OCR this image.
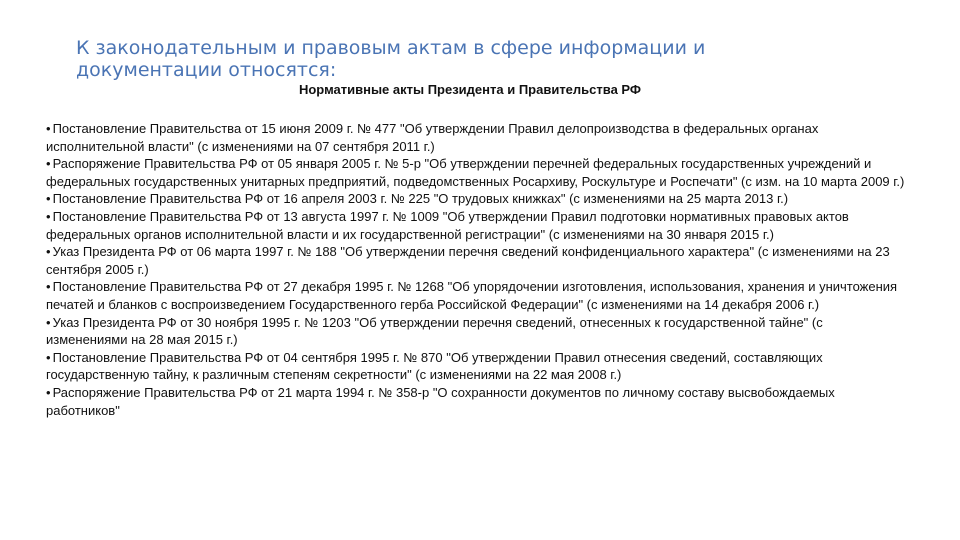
К законодательным и правовым актам в сфере информации и документации относятся:
Нормативные акты Президента и Правительства РФ
• Постановление Правительства от 15 июня 2009 г. № 477 "Об утверждении Правил делопроизводства в федеральных органах исполнительной власти" (с изменениями на 07 сентября 2011 г.)
• Распоряжение Правительства РФ от 05 января 2005 г. № 5-р "Об утверждении перечней федеральных государственных учреждений и федеральных государственных унитарных предприятий, подведомственных Росархиву, Роскультуре и Роспечати" (с изм. на 10 марта 2009 г.)
• Постановление Правительства РФ от 16 апреля 2003 г. № 225 "О трудовых книжках" (с изменениями на 25 марта 2013 г.)
• Постановление Правительства РФ от 13 августа 1997 г. № 1009 "Об утверждении Правил подготовки нормативных правовых актов федеральных органов исполнительной власти и их государственной регистрации" (с изменениями на 30 января 2015 г.)
• Указ Президента РФ от 06 марта 1997 г. № 188 "Об утверждении перечня сведений конфиденциального характера" (с изменениями на 23 сентября 2005 г.)
• Постановление Правительства РФ от 27 декабря 1995 г. № 1268 "Об упорядочении изготовления, использования, хранения и уничтожения печатей и бланков с воспроизведением Государственного герба Российской Федерации" (с изменениями на 14 декабря 2006 г.)
• Указ Президента РФ от 30 ноября 1995 г. № 1203 "Об утверждении перечня сведений, отнесенных к государственной тайне" (с изменениями на 28 мая 2015 г.)
• Постановление Правительства РФ от 04 сентября 1995 г. № 870 "Об утверждении Правил отнесения сведений, составляющих государственную тайну, к различным степеням секретности" (с изменениями на 22 мая 2008 г.)
• Распоряжение Правительства РФ от 21 марта 1994 г. № 358-р "О сохранности документов по личному составу высвобождаемых работников"
